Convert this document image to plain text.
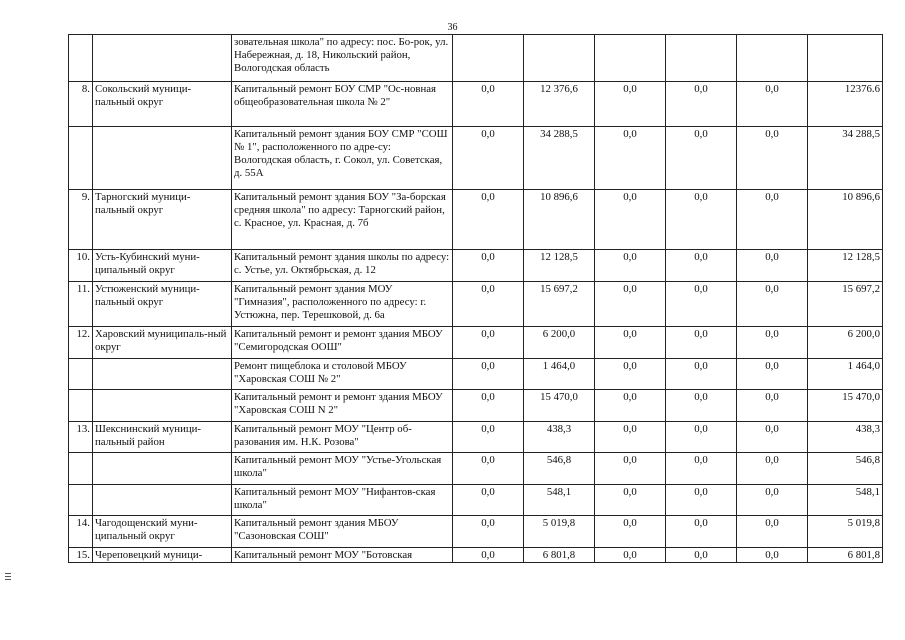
36
		зовательная школа" по адресу: пос. Бо-рок, ул. Набережная, д. 18, Никольский район, Вологодская область						
8.	Сокольский муници-пальный округ	Капитальный ремонт БОУ СМР "Ос-новная общеобразовательная школа № 2"	0,0	12 376,6	0,0	0,0	0,0	12376.6
		Капитальный ремонт здания БОУ СМР "СОШ № 1", расположенного по адре-су: Вологодская область, г. Сокол, ул. Советская, д. 55А	0,0	34 288,5	0,0	0,0	0,0	34 288,5
9.	Тарногский муници-пальный округ	Капитальный ремонт здания БОУ "За-борская средняя школа" по адресу: Тарногский район, с. Красное, ул. Красная, д. 7б	0,0	10 896,6	0,0	0,0	0,0	10 896,6
10.	Усть-Кубинский муни-ципальный округ	Капитальный ремонт здания школы по адресу: с. Устье, ул. Октябрьская, д. 12	0,0	12 128,5	0,0	0,0	0,0	12 128,5
11.	Устюженский муници-пальный округ	Капитальный ремонт здания МОУ "Гимназия", расположенного по адресу: г. Устюжна, пер. Терешковой, д. 6а	0,0	15 697,2	0,0	0,0	0,0	15 697,2
12.	Харовский муниципаль-ный округ	Капитальный ремонт и ремонт здания МБОУ "Семигородская ООШ"	0,0	6 200,0	0,0	0,0	0,0	6 200,0
		Ремонт пищеблока и столовой МБОУ "Харовская СОШ № 2"	0,0	1 464,0	0,0	0,0	0,0	1 464,0
		Капитальный ремонт и ремонт здания МБОУ "Харовская СОШ N 2"	0,0	15 470,0	0,0	0,0	0,0	15 470,0
13.	Шекснинский муници-пальный район	Капитальный ремонт МОУ "Центр об-разования им. Н.К. Розова"	0,0	438,3	0,0	0,0	0,0	438,3
		Капитальный ремонт МОУ "Устье-Угольская школа"	0,0	546,8	0,0	0,0	0,0	546,8
		Капитальный ремонт МОУ "Нифантов-ская школа"	0,0	548,1	0,0	0,0	0,0	548,1
14.	Чагодощенский муни-ципальный округ	Капитальный ремонт здания МБОУ "Сазоновская СОШ"	0,0	5 019,8	0,0	0,0	0,0	5 019,8
15.	Череповецкий муници-	Капитальный ремонт МОУ "Ботовская	0,0	6 801,8	0,0	0,0	0,0	6 801,8
